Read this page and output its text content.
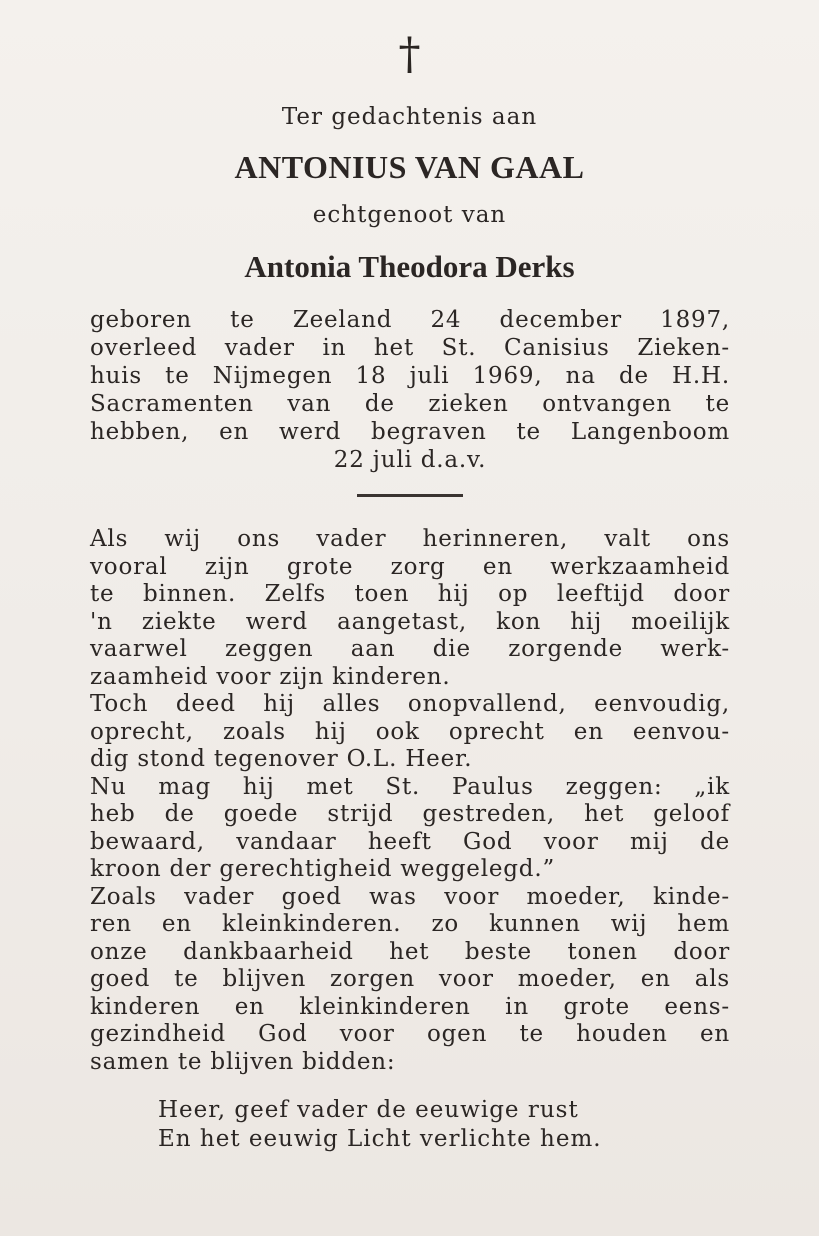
†
Ter gedachtenis aan
ANTONIUS VAN GAAL
echtgenoot van
Antonia Theodora Derks
geboren te Zeeland 24 december 1897,
overleed vader in het St. Canisius Zieken-
huis te Nijmegen 18 juli 1969, na de H.H.
Sacramenten van de zieken ontvangen te
hebben, en werd begraven te Langenboom
22 juli d.a.v.
Als wij ons vader herinneren, valt ons
vooral zijn grote zorg en werkzaamheid
te binnen. Zelfs toen hij op leeftijd door
'n ziekte werd aangetast, kon hij moeilijk
vaarwel zeggen aan die zorgende werk-
zaamheid voor zijn kinderen.
Toch deed hij alles onopvallend, eenvoudig,
oprecht, zoals hij ook oprecht en eenvou-
dig stond tegenover O.L. Heer.
Nu mag hij met St. Paulus zeggen: „ik
heb de goede strijd gestreden, het geloof
bewaard, vandaar heeft God voor mij de
kroon der gerechtigheid weggelegd.”
Zoals vader goed was voor moeder, kinde-
ren en kleinkinderen. zo kunnen wij hem
onze dankbaarheid het beste tonen door
goed te blijven zorgen voor moeder, en als
kinderen en kleinkinderen in grote eens-
gezindheid God voor ogen te houden en
samen te blijven bidden:
Heer, geef vader de eeuwige rust
En het eeuwig Licht verlichte hem.
